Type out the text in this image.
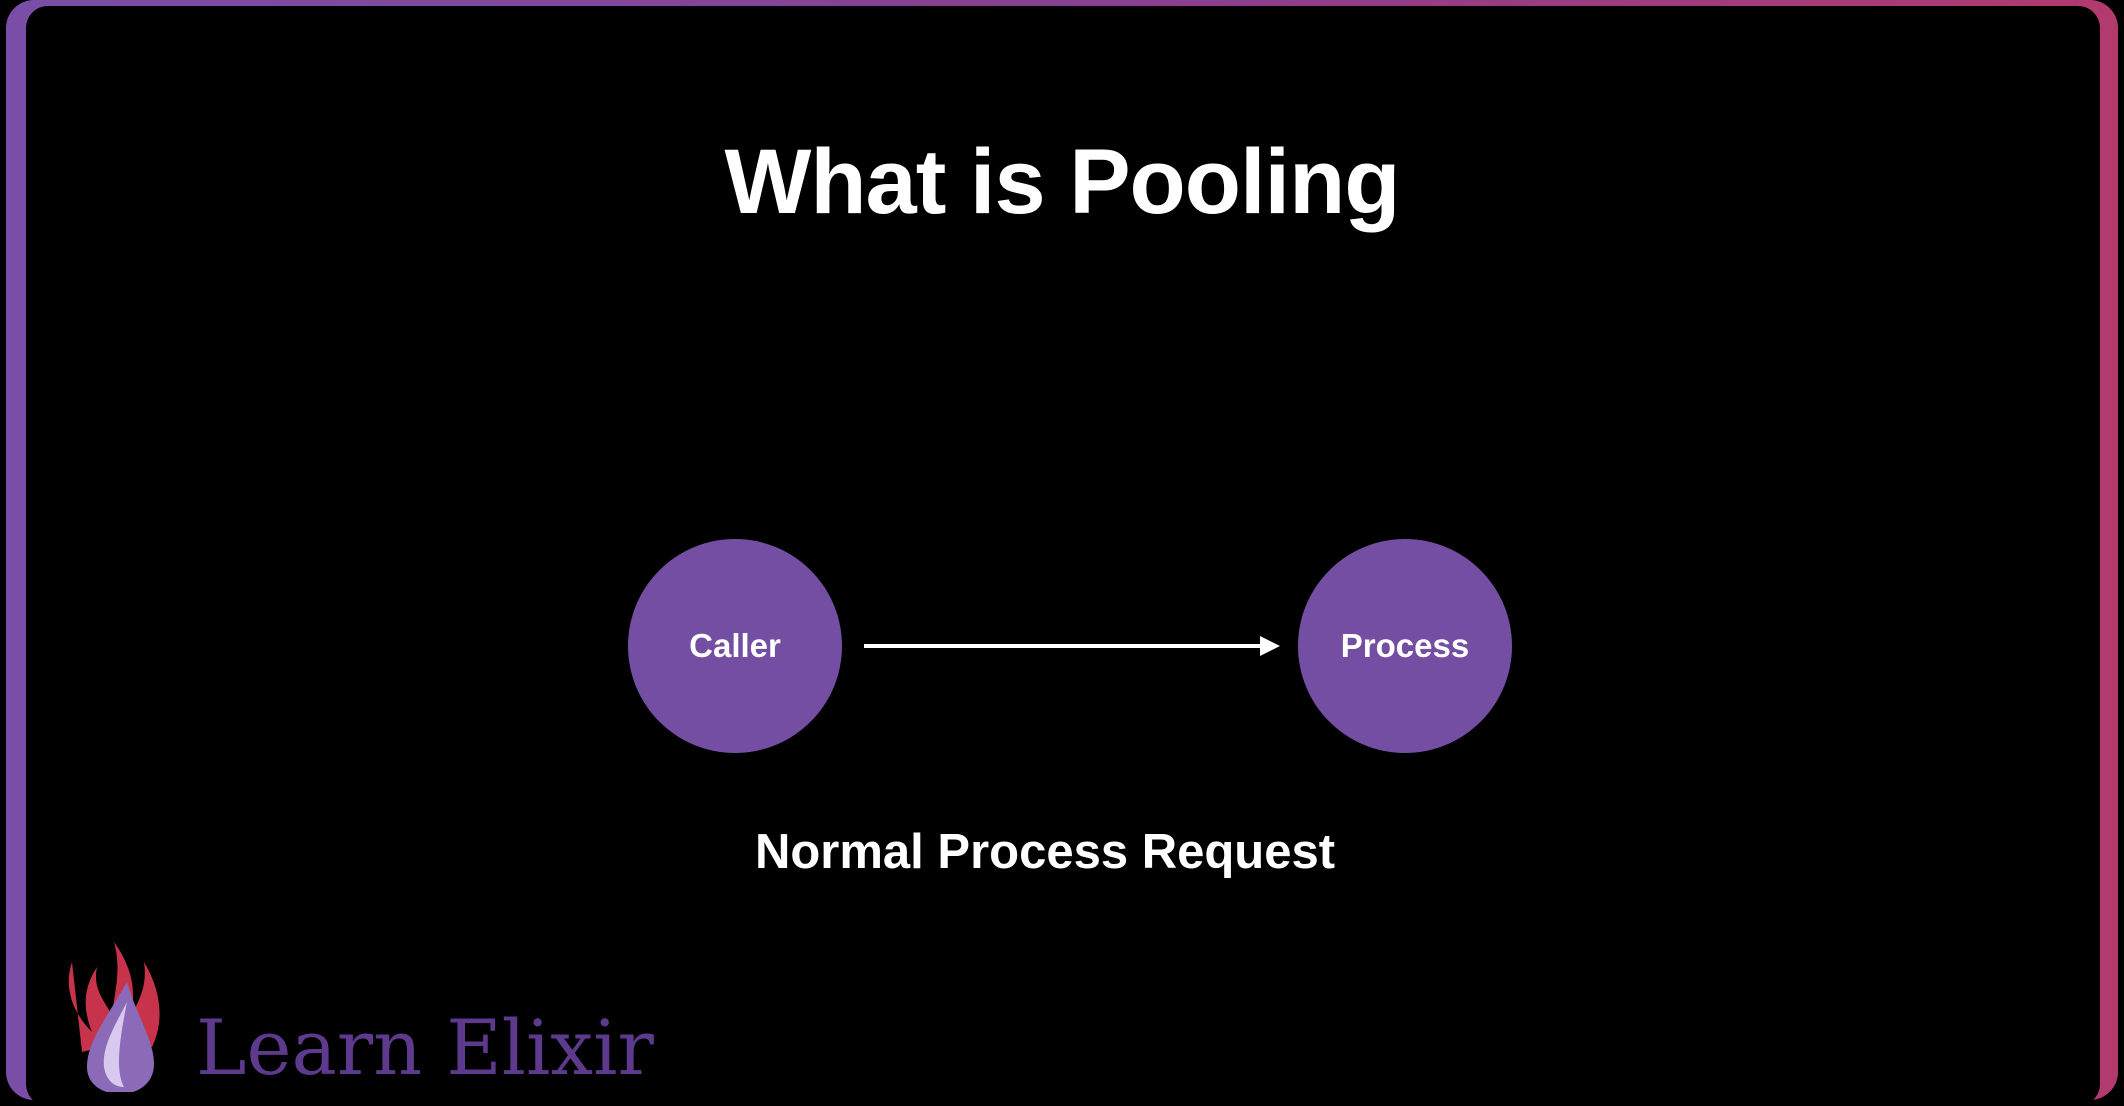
What is Pooling
Caller	Process
Normal Process Request
Learn Elixir
